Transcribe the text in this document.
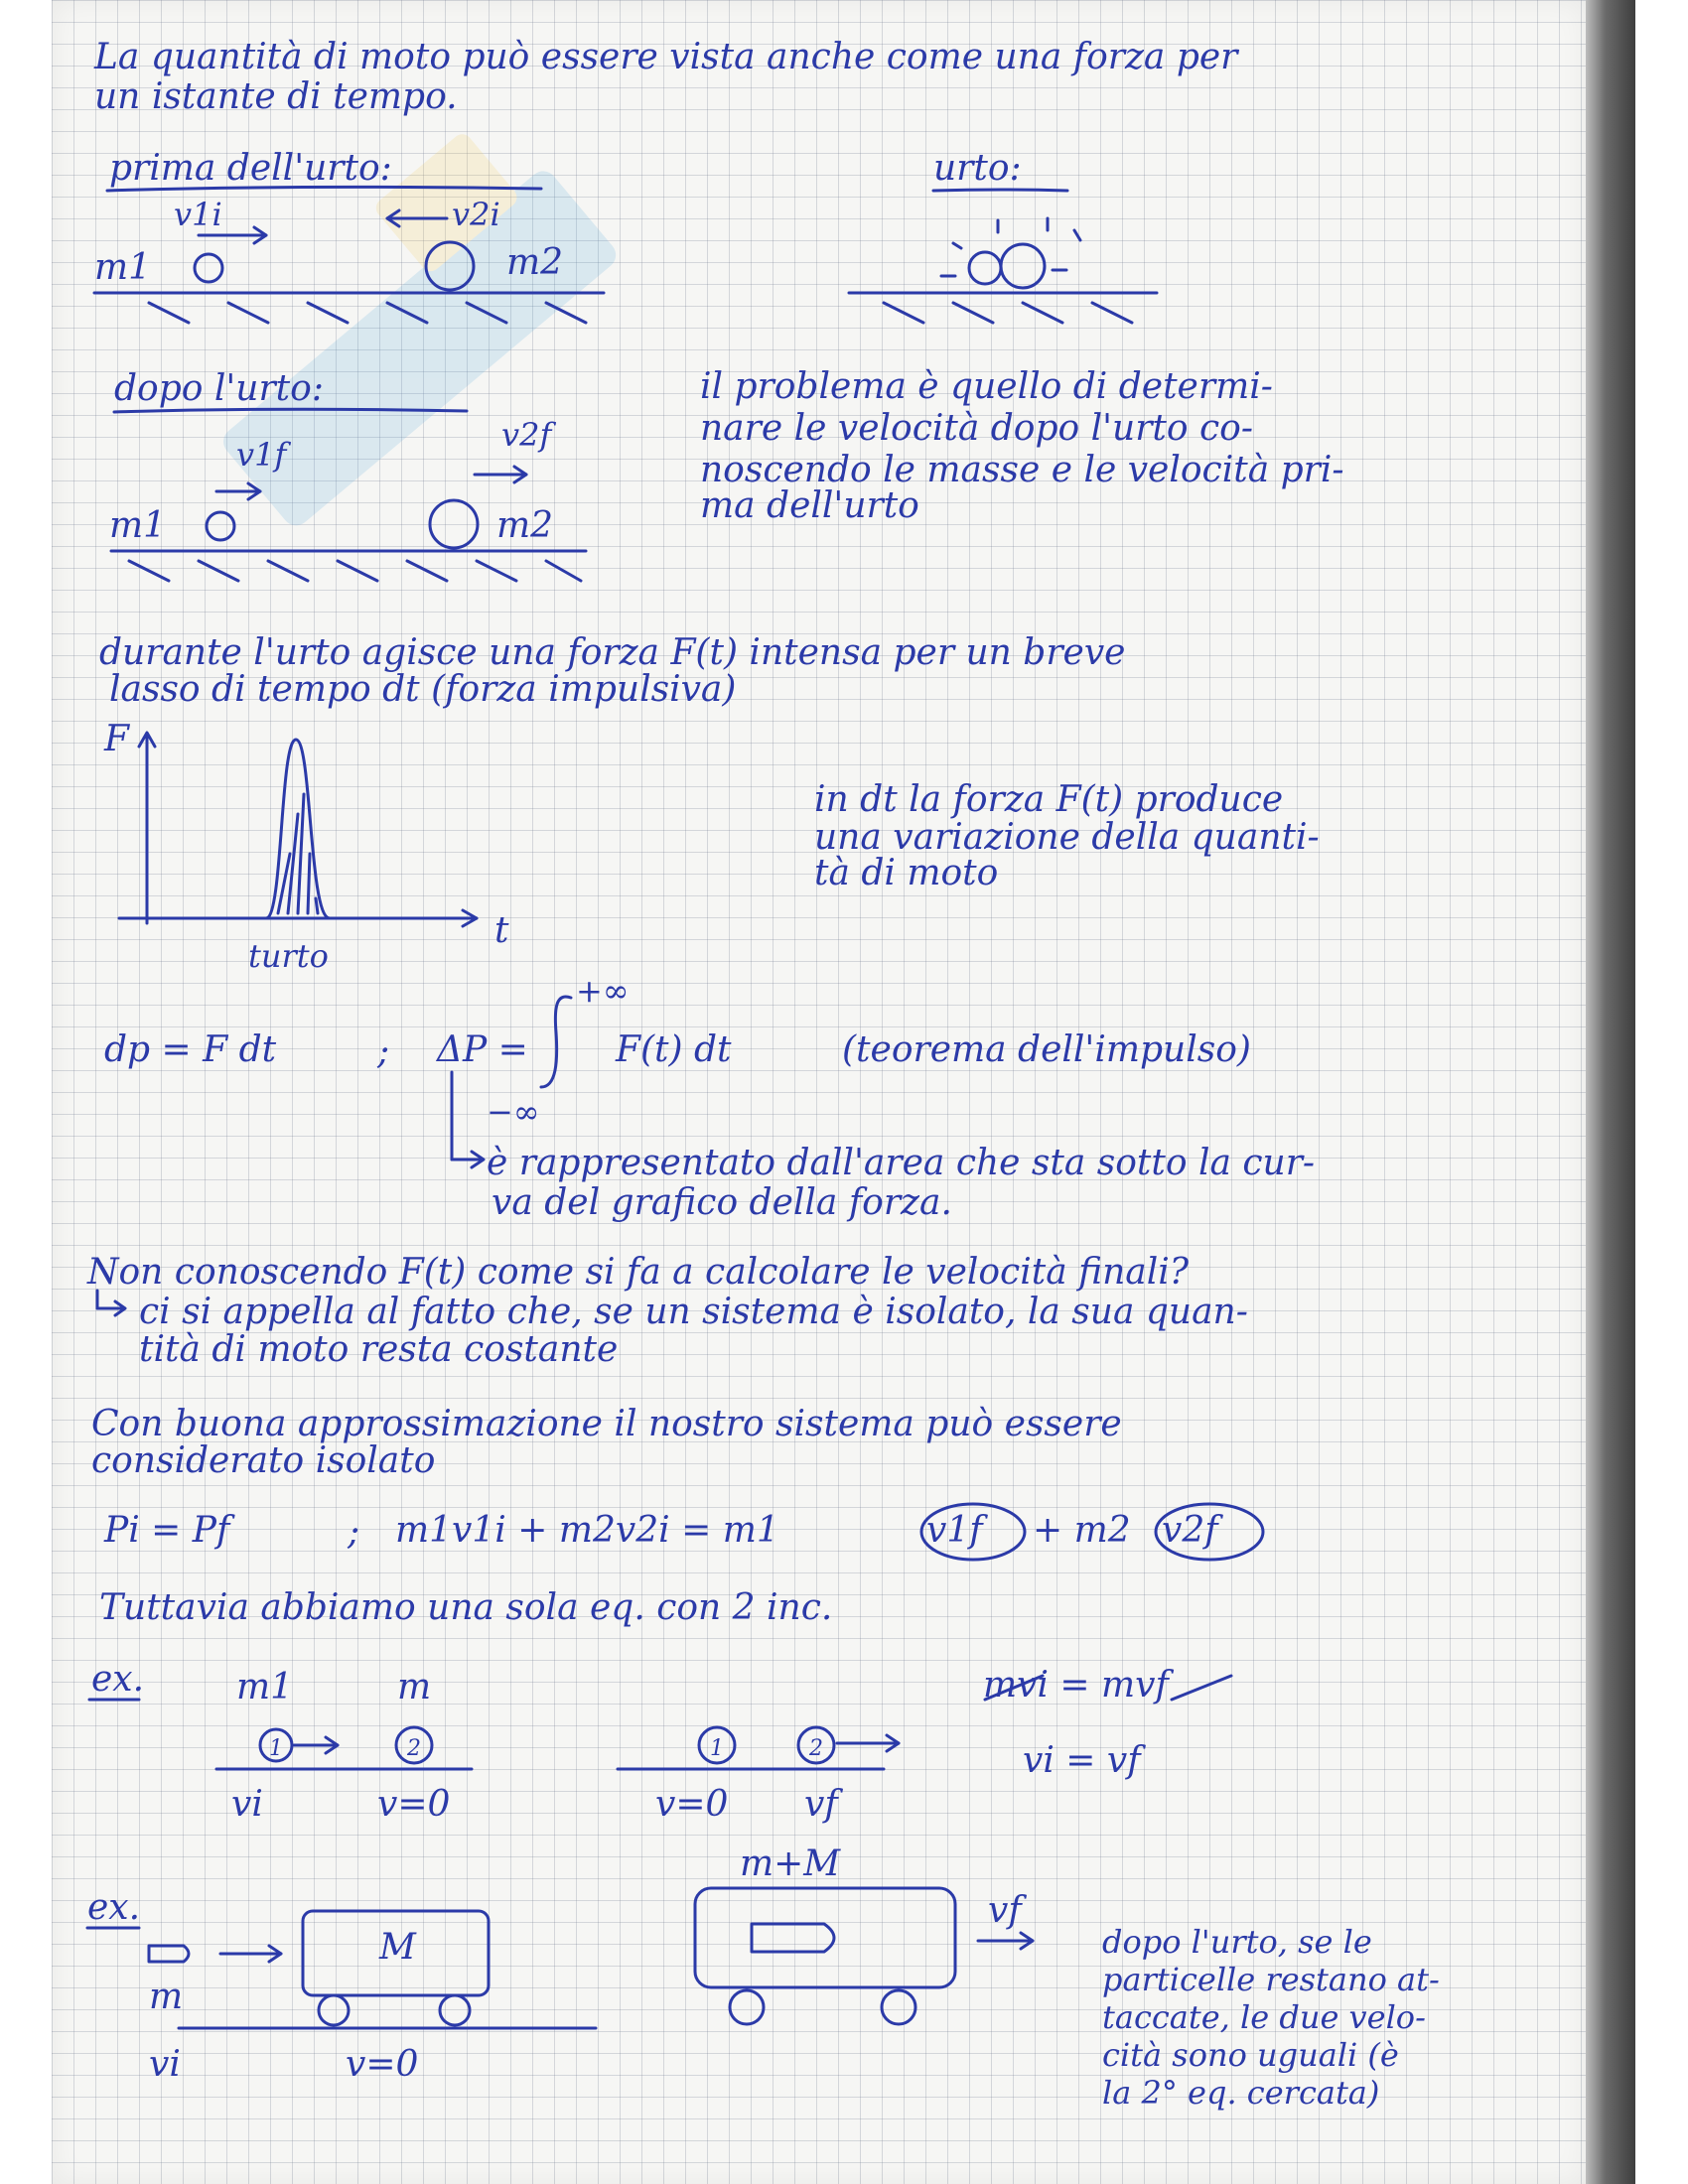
La quantità di moto può essere vista anche come una forza per
un istante di tempo.
prima dell'urto:
v1i	v2i
m1	m2
urto:
dopo l'urto:
v1f
v2f
m1	m2
il problema è quello di determi-
nare le velocità dopo l'urto co-
noscendo le masse e le velocità pri-
ma dell'urto
durante l'urto agisce una forza F(t) intensa per un breve
lasso di tempo dt (forza impulsiva)
F
t
turto
in dt la forza F(t) produce
una variazione della quanti-
tà di moto
dp = F dt	; ΔP =
+∞
−∞
F(t) dt	(teorema dell'impulso)
è rappresentato dall'area che sta sotto la cur-
va del grafico della forza.
Non conoscendo F(t) come si fa a calcolare le velocità finali?
ci si appella al fatto che, se un sistema è isolato, la sua quan-
tità di moto resta costante
Con buona approssimazione il nostro sistema può essere
considerato isolato
Pi = Pf	; m1v1i + m2v2i = m1	v1f + m2 v2f
Tuttavia abbiamo una sola eq. con 2 inc.
ex.	m1	m
vi	v=0	v=0 vf
mvi = mvf
vi = vf
ex.
m
M
vi	v=0
m+M
vf
dopo l'urto, se le
particelle restano at-
taccate, le due velo-
cità sono uguali (è
la 2° eq. cercata)
1	2	1	2
